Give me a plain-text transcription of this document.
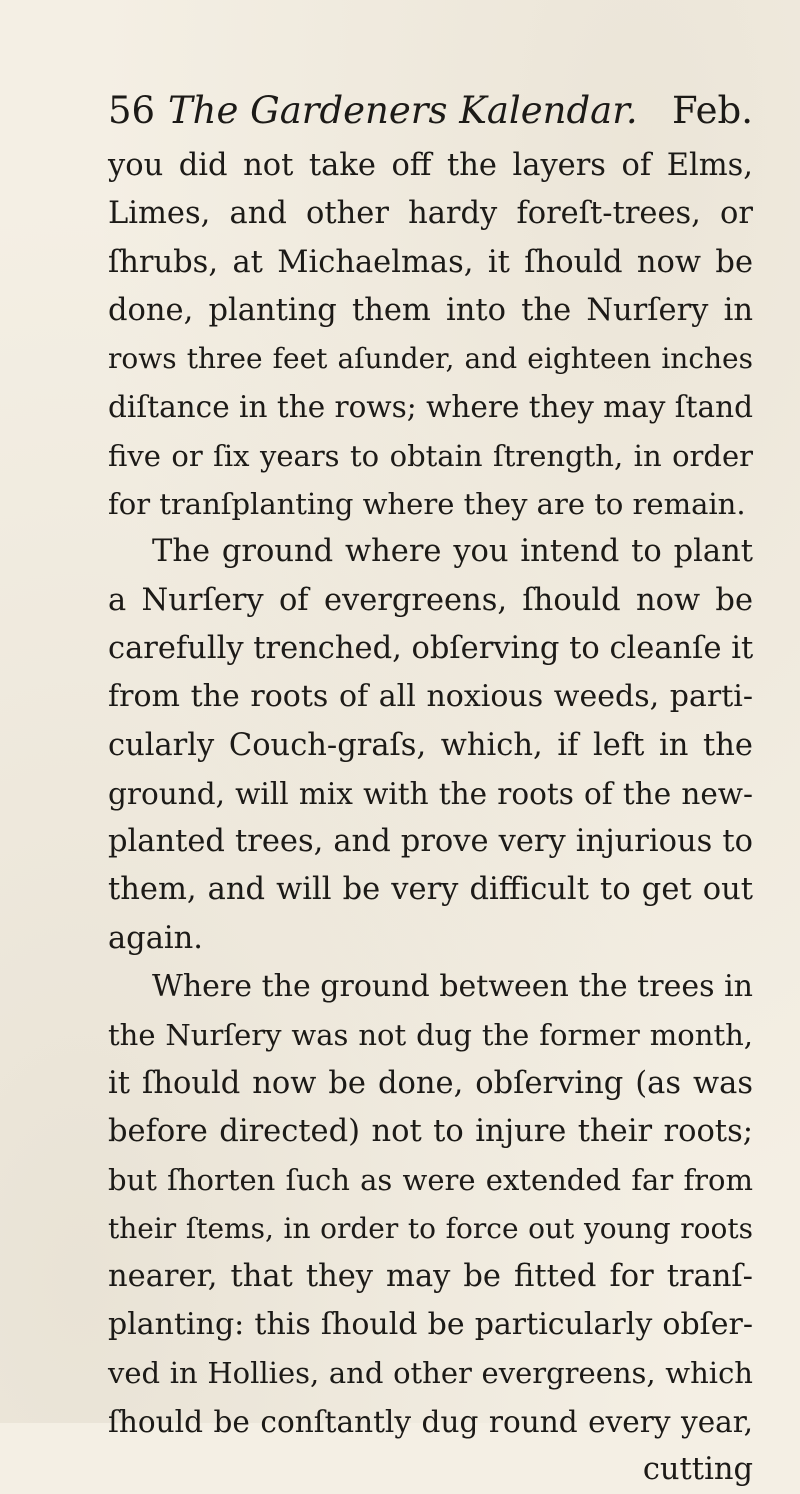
56 The Gardeners Kalendar. Feb.
you did not take off the layers of Elms,
Limes, and other hardy foreſt-trees, or
ſhrubs, at Michaelmas, it ſhould now be
done, planting them into the Nurſery in
rows three feet aſunder, and eighteen inches
diſtance in the rows; where they may ſtand
five or ſix years to obtain ſtrength, in order
for tranſplanting where they are to remain.
The ground where you intend to plant
a Nurſery of evergreens, ſhould now be
carefully trenched, obſerving to cleanſe it
from the roots of all noxious weeds, parti-
cularly Couch-graſs, which, if left in the
ground, will mix with the roots of the new-
planted trees, and prove very injurious to
them, and will be very difficult to get out
again.
Where the ground between the trees in
the Nurſery was not dug the former month,
it ſhould now be done, obſerving (as was
before directed) not to injure their roots;
but ſhorten ſuch as were extended far from
their ſtems, in order to force out young roots
nearer, that they may be fitted for tranſ-
planting: this ſhould be particularly obſer-
ved in Hollies, and other evergreens, which
ſhould be conſtantly dug round every year,
cutting
